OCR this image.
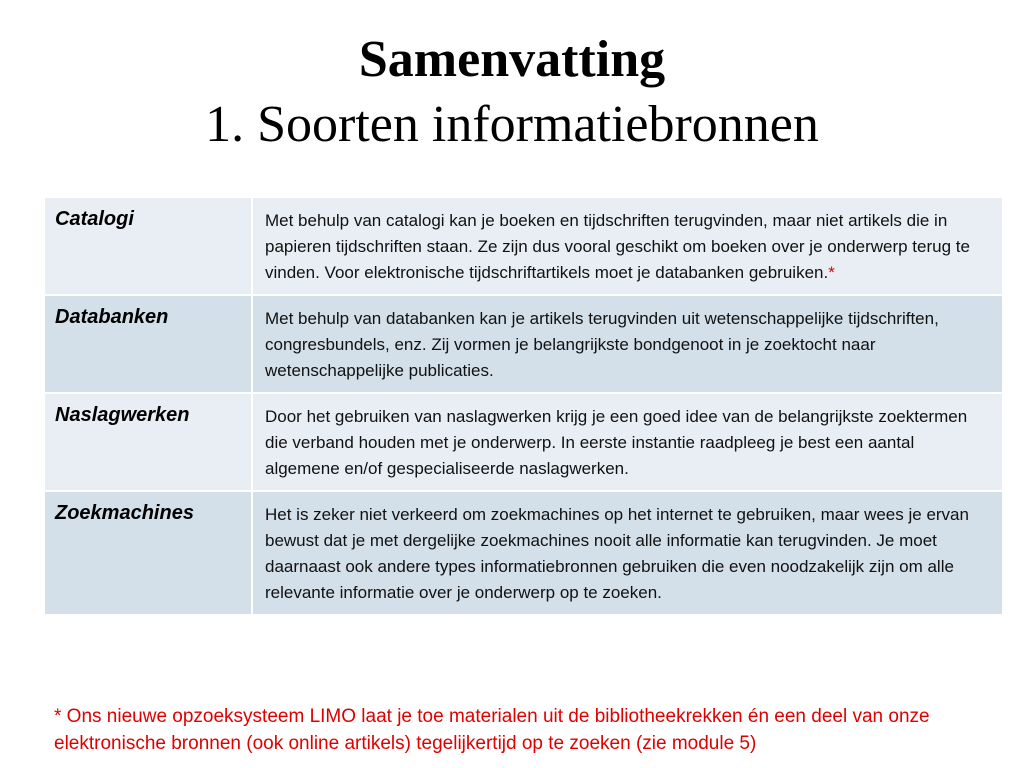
Samenvatting
1. Soorten informatiebronnen
Catalogi	Met behulp van catalogi kan je boeken en tijdschriften terugvinden, maar niet artikels die in papieren tijdschriften staan. Ze zijn dus vooral geschikt om boeken over je onderwerp terug te vinden. Voor elektronische tijdschriftartikels moet je databanken gebruiken.*
Databanken	Met behulp van databanken kan je artikels terugvinden uit wetenschappelijke tijdschriften, congresbundels, enz. Zij vormen je belangrijkste bondgenoot in je zoektocht naar wetenschappelijke publicaties.
Naslagwerken	Door het gebruiken van naslagwerken krijg je een goed idee van de belangrijkste zoektermen die verband houden met je onderwerp. In eerste instantie raadpleeg je best een aantal algemene en/of gespecialiseerde naslagwerken.
Zoekmachines	Het is zeker niet verkeerd om zoekmachines op het internet te gebruiken, maar wees je ervan bewust dat je met dergelijke zoekmachines nooit alle informatie kan terugvinden. Je moet daarnaast ook andere types informatiebronnen gebruiken die even noodzakelijk zijn om alle relevante informatie over je onderwerp op te zoeken.
* Ons nieuwe opzoeksysteem LIMO laat je toe materialen uit de bibliotheekrekken én een deel van onze elektronische bronnen (ook online artikels) tegelijkertijd op te zoeken (zie module 5)
